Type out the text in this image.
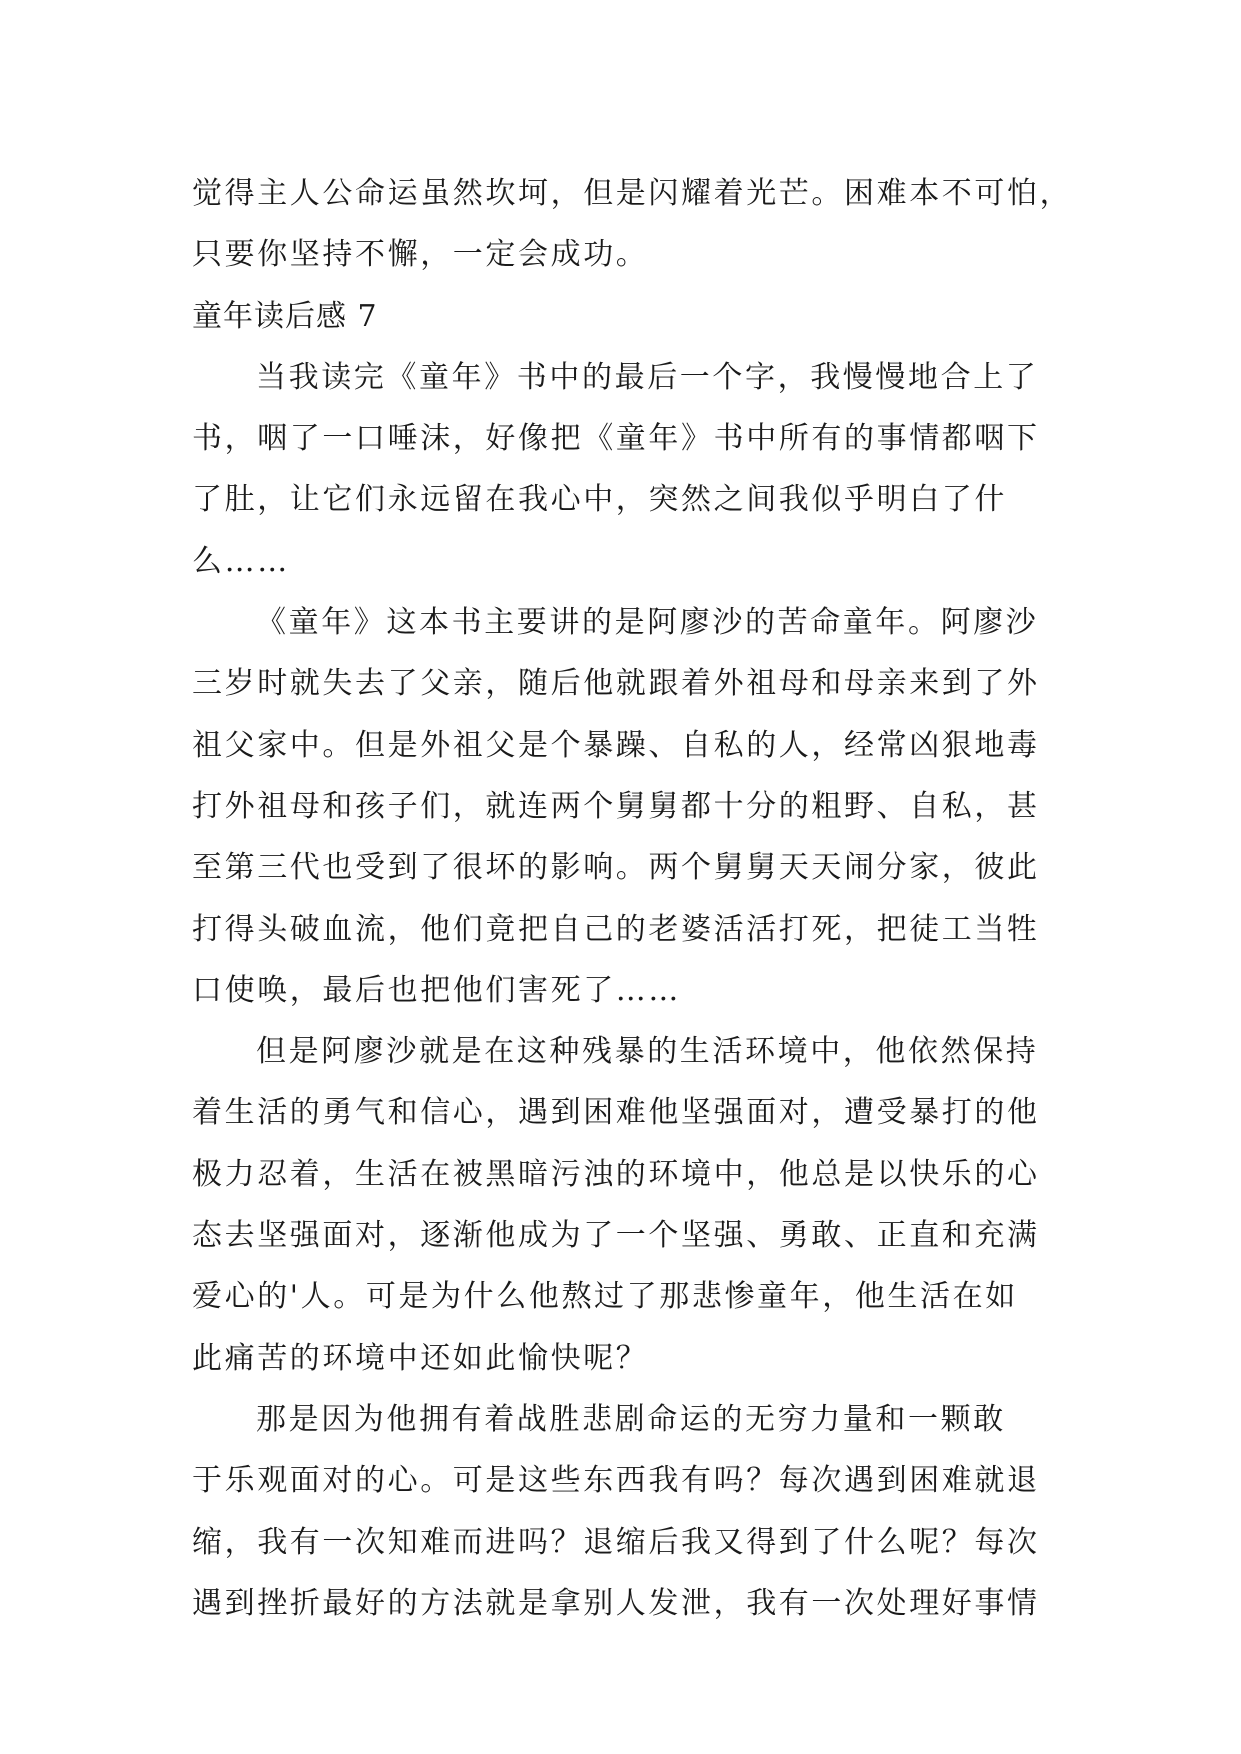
觉得主人公命运虽然坎坷，但是闪耀着光芒。困难本不可怕，
只要你坚持不懈，一定会成功。
童年读后感 7
当我读完《童年》书中的最后一个字，我慢慢地合上了
书，咽了一口唾沫，好像把《童年》书中所有的事情都咽下
了肚，让它们永远留在我心中，突然之间我似乎明白了什
么……
《童年》这本书主要讲的是阿廖沙的苦命童年。阿廖沙
三岁时就失去了父亲，随后他就跟着外祖母和母亲来到了外
祖父家中。但是外祖父是个暴躁、自私的人，经常凶狠地毒
打外祖母和孩子们，就连两个舅舅都十分的粗野、自私，甚
至第三代也受到了很坏的影响。两个舅舅天天闹分家，彼此
打得头破血流，他们竟把自己的老婆活活打死，把徒工当牲
口使唤，最后也把他们害死了……
但是阿廖沙就是在这种残暴的生活环境中，他依然保持
着生活的勇气和信心，遇到困难他坚强面对，遭受暴打的他
极力忍着，生活在被黑暗污浊的环境中，他总是以快乐的心
态去坚强面对，逐渐他成为了一个坚强、勇敢、正直和充满
爱心的'人。可是为什么他熬过了那悲惨童年，他生活在如
此痛苦的环境中还如此愉快呢？
那是因为他拥有着战胜悲剧命运的无穷力量和一颗敢
于乐观面对的心。可是这些东西我有吗？每次遇到困难就退
缩，我有一次知难而进吗？退缩后我又得到了什么呢？每次
遇到挫折最好的方法就是拿别人发泄，我有一次处理好事情
